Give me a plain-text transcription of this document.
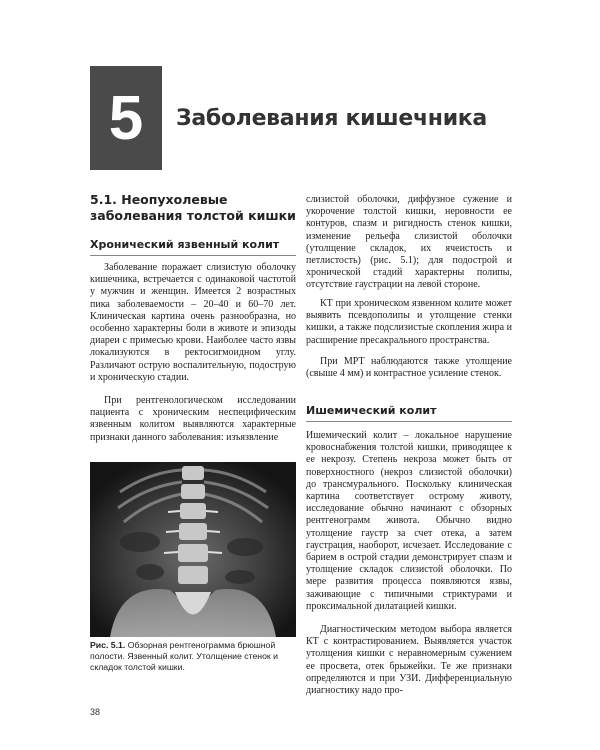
5 Заболевания кишечника
5.1. Неопухолевые заболевания толстой кишки
Хронический язвенный колит
Заболевание поражает слизистую оболочку кишечника, встречается с одинаковой частотой у мужчин и женщин. Имеется 2 возрастных пика заболеваемости – 20–40 и 60–70 лет. Клиническая картина очень разнообразна, но особенно характерны боли в животе и эпизоды диареи с примесью крови. Наиболее часто язвы локализуются в ректосигмоидном углу. Различают острую воспалительную, подострую и хроническую стадии.
При рентгенологическом исследовании пациента с хроническим неспецифическим язвенным колитом выявляются характерные признаки данного заболевания: изъязвление
Рис. 5.1. Обзорная рентгенограмма брюшной полости. Язвенный колит. Утолщение стенок и складок толстой кишки.
38
слизистой оболочки, диффузное сужение и укорочение толстой кишки, неровности ее контуров, спазм и ригидность стенок кишки, изменение рельефа слизистой оболочки (утолщение складок, их ячеистость и петлистость) (рис. 5.1); для подострой и хронической стадий характерны полипы, отсутствие гаустрации на левой стороне.
КТ при хроническом язвенном колите может выявить псевдополипы и утолщение стенки кишки, а также подслизистые скопления жира и расширение пресакрального пространства.
При МРТ наблюдаются также утолщение (свыше 4 мм) и контрастное усиление стенок.
Ишемический колит
Ишемический колит – локальное нарушение кровоснабжения толстой кишки, приводящее к ее некрозу. Степень некроза может быть от поверхностного (некроз слизистой оболочки) до трансмурального. Поскольку клиническая картина соответствует острому животу, исследование обычно начинают с обзорных рентгенограмм живота. Обычно видно утолщение гаустр за счет отека, а затем гаустрация, наоборот, исчезает. Исследование с барием в острой стадии демонстрирует спазм и утолщение складок слизистой оболочки. По мере развития процесса появляются язвы, заживающие с типичными стриктурами и проксимальной дилатацией кишки.
Диагностическим методом выбора является КТ с контрастированием. Выявляется участок утолщения кишки с неравномерным сужением ее просвета, отек брыжейки. Те же признаки определяются и при УЗИ. Дифференциальную диагностику надо про-
